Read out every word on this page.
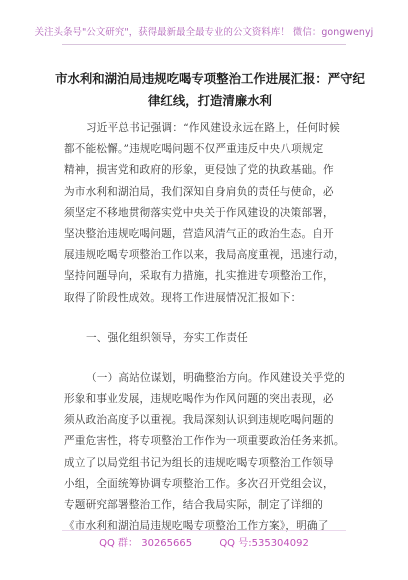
关注头条号"公文研究"，获得最新最全最专业的公文资料库！ 微信：gongwenyj
市水利和湖泊局违规吃喝专项整治工作进展汇报：严守纪
律红线，打造清廉水利
习近平总书记强调：“作风建设永远在路上，任何时候
都不能松懈。”违规吃喝问题不仅严重违反中央八项规定
精神，损害党和政府的形象，更侵蚀了党的执政基础。作
为市水利和湖泊局，我们深知自身肩负的责任与使命，必
须坚定不移地贯彻落实党中央关于作风建设的决策部署，
坚决整治违规吃喝问题，营造风清气正的政治生态。自开
展违规吃喝专项整治工作以来，我局高度重视，迅速行动，
坚持问题导向，采取有力措施，扎实推进专项整治工作，
取得了阶段性成效。现将工作进展情况汇报如下：
一、强化组织领导，夯实工作责任
（一）高站位谋划，明确整治方向。作风建设关乎党的
形象和事业发展，违规吃喝作为作风问题的突出表现，必
须从政治高度予以重视。我局深刻认识到违规吃喝问题的
严重危害性，将专项整治工作作为一项重要政治任务来抓。
成立了以局党组书记为组长的违规吃喝专项整治工作领导
小组，全面统筹协调专项整治工作。多次召开党组会议，
专题研究部署整治工作，结合我局实际，制定了详细的
《市水利和湖泊局违规吃喝专项整治工作方案》，明确了
QQ 群： 30265665	QQ 号:535304092
